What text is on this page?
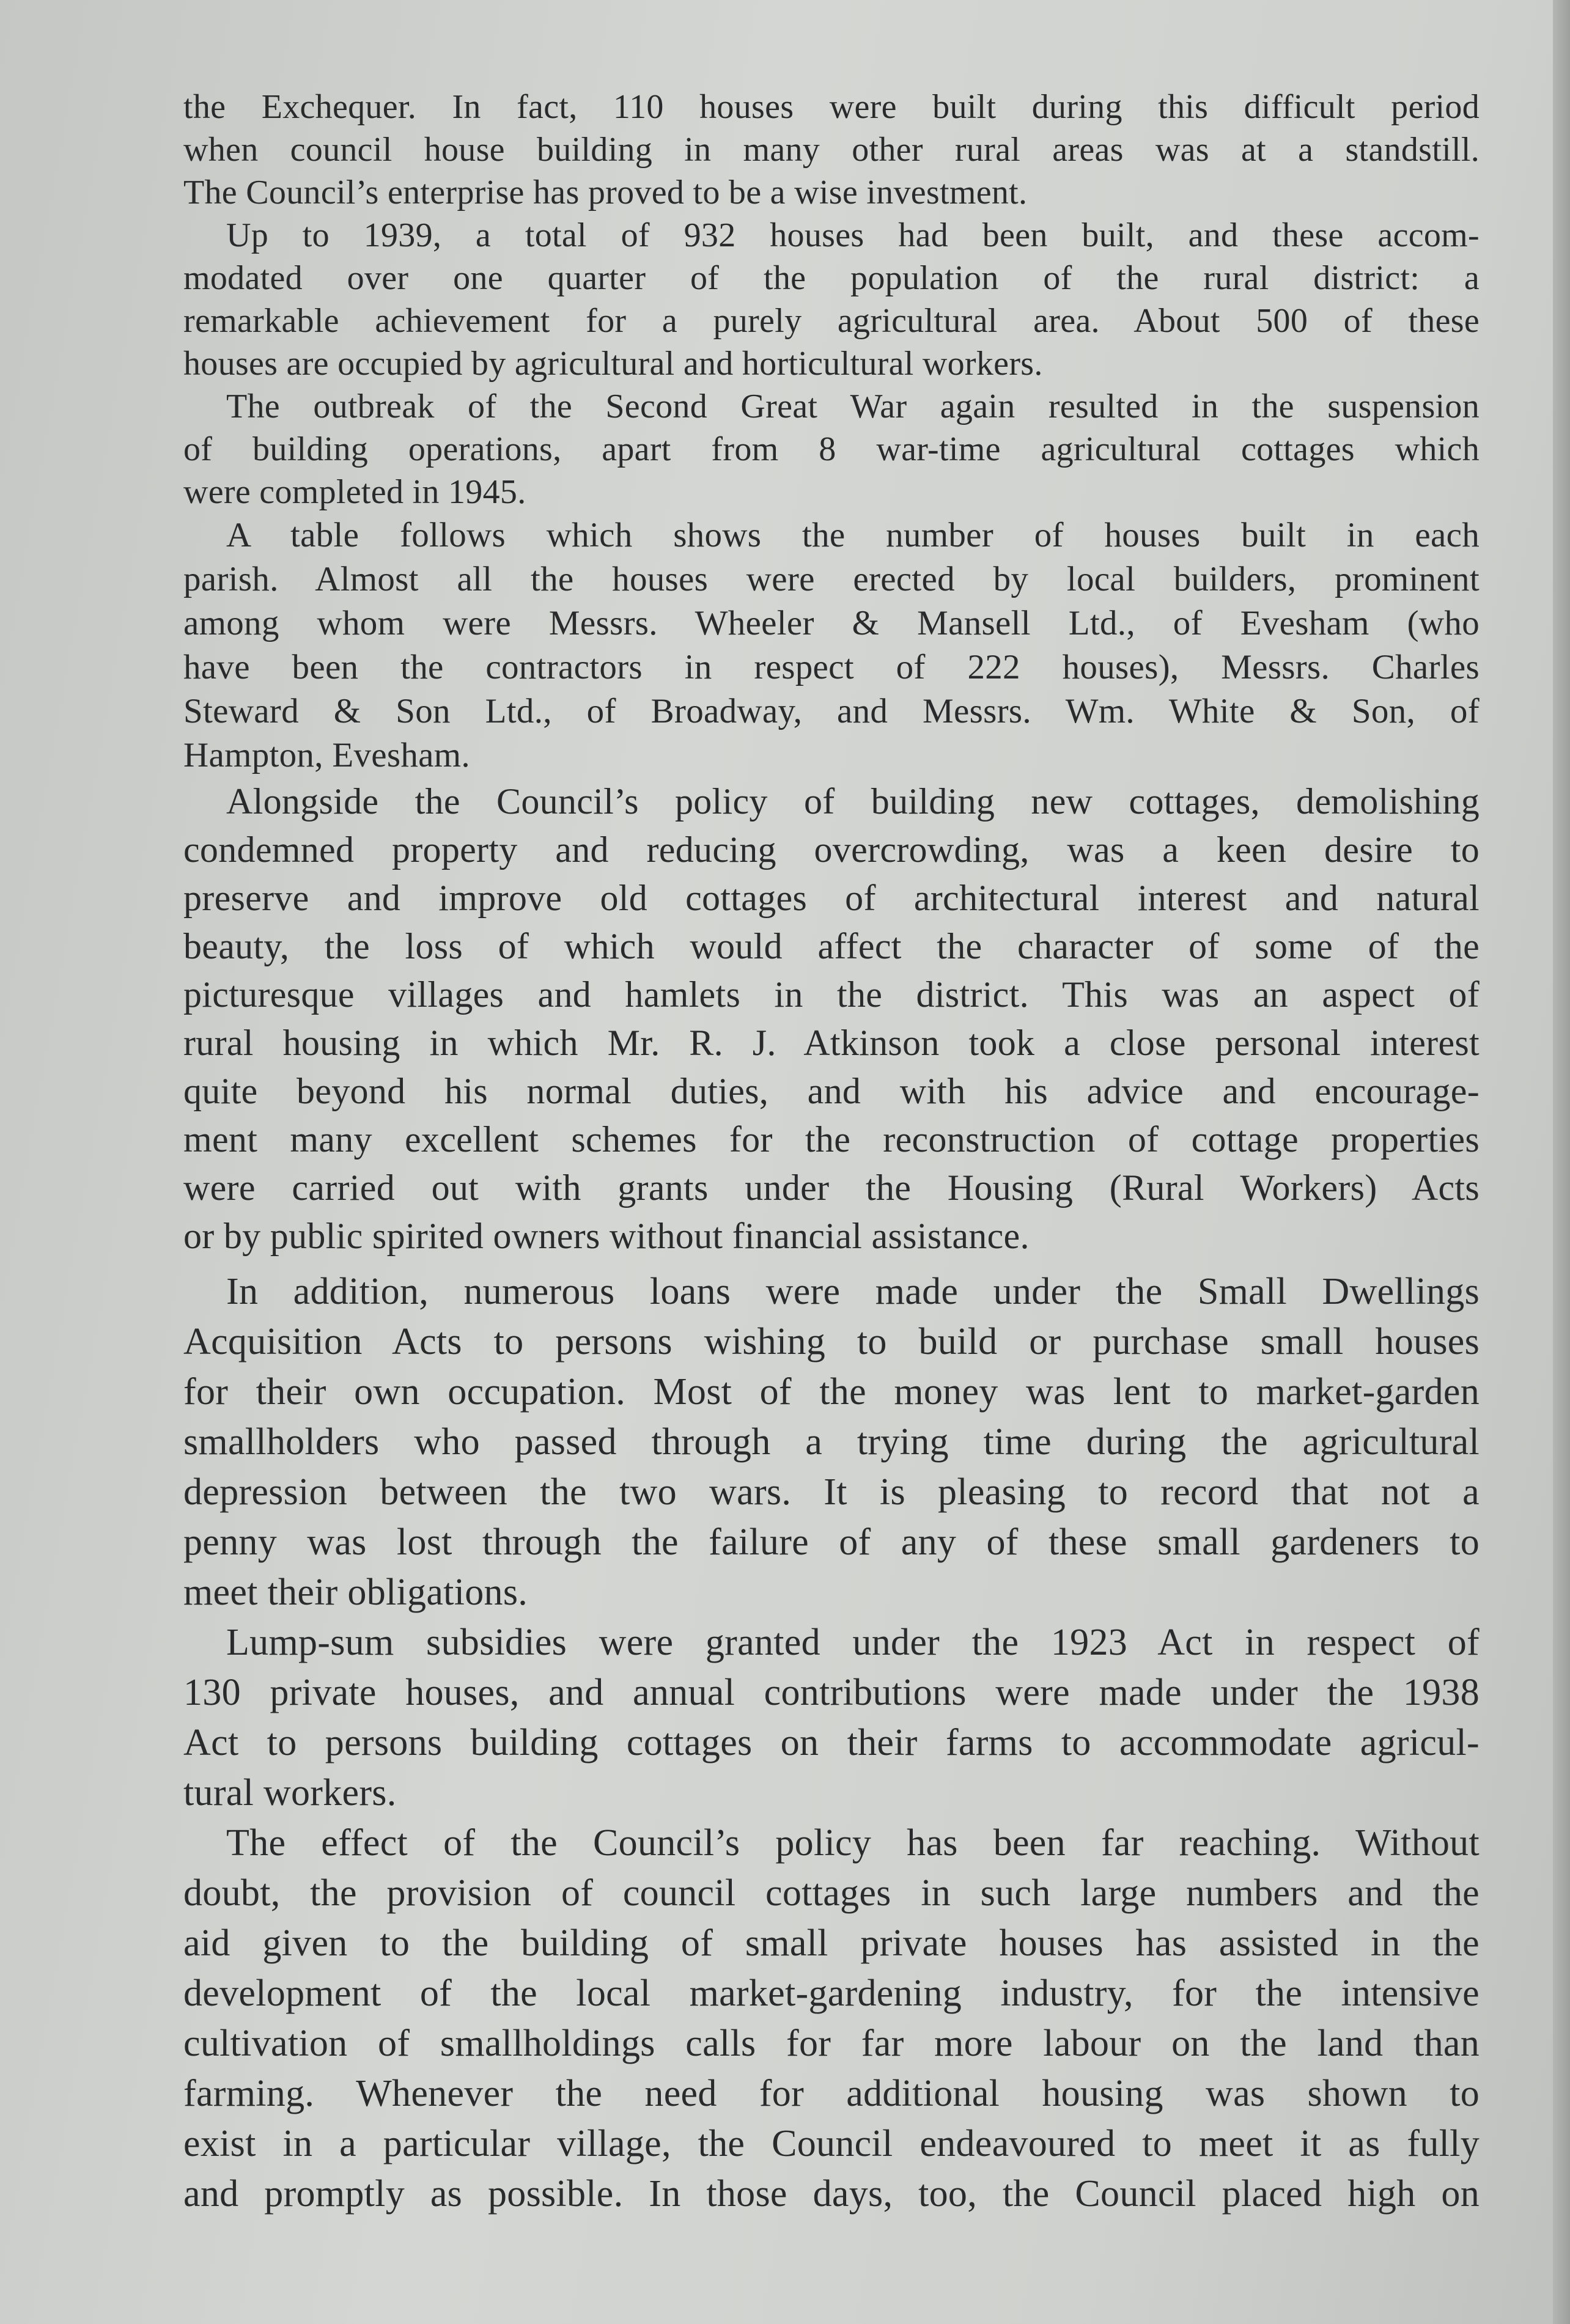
the Exchequer. In fact, 110 houses were built during this difficult period
when council house building in many other rural areas was at a standstill.
The Council’s enterprise has proved to be a wise investment.

Up to 1939, a total of 932 houses had been built, and these accom-
modated over one quarter of the population of the rural district: a
remarkable achievement for a purely agricultural area. About 500 of these
houses are occupied by agricultural and horticultural workers.

The outbreak of the Second Great War again resulted in the suspension
of building operations, apart from 8 war-time agricultural cottages which
were completed in 1945.

A table follows which shows the number of houses built in each
parish. Almost all the houses were erected by local builders, prominent
among whom were Messrs. Wheeler & Mansell Ltd., of Evesham (who
have been the contractors in respect of 222 houses), Messrs. Charles
Steward & Son Ltd., of Broadway, and Messrs. Wm. White & Son, of
Hampton, Evesham.

Alongside the Council’s policy of building new cottages, demolishing
condemned property and reducing overcrowding, was a keen desire to
preserve and improve old cottages of architectural interest and natural
beauty, the loss of which would affect the character of some of the
picturesque villages and hamlets in the district. This was an aspect of
rural housing in which Mr. R. J. Atkinson took a close personal interest
quite beyond his normal duties, and with his advice and encourage-
ment many excellent schemes for the reconstruction of cottage properties
were carried out with grants under the Housing (Rural Workers) Acts
or by public spirited owners without financial assistance.

In addition, numerous loans were made under the Small Dwellings
Acquisition Acts to persons wishing to build or purchase small houses
for their own occupation. Most of the money was lent to market-garden
smallholders who passed through a trying time during the agricultural
depression between the two wars. It is pleasing to record that not a
penny was lost through the failure of any of these small gardeners to
meet their obligations.

Lump-sum subsidies were granted under the 1923 Act in respect of
130 private houses, and annual contributions were made under the 1938
Act to persons building cottages on their farms to accommodate agricul-
tural workers.

The effect of the Council’s policy has been far reaching. Without
doubt, the provision of council cottages in such large numbers and the
aid given to the building of small private houses has assisted in the
development of the local market-gardening industry, for the intensive
cultivation of smallholdings calls for far more labour on the land than
farming. Whenever the need for additional housing was shown to
exist in a particular village, the Council endeavoured to meet it as fully
and promptly as possible. In those days, too, the Council placed high on
